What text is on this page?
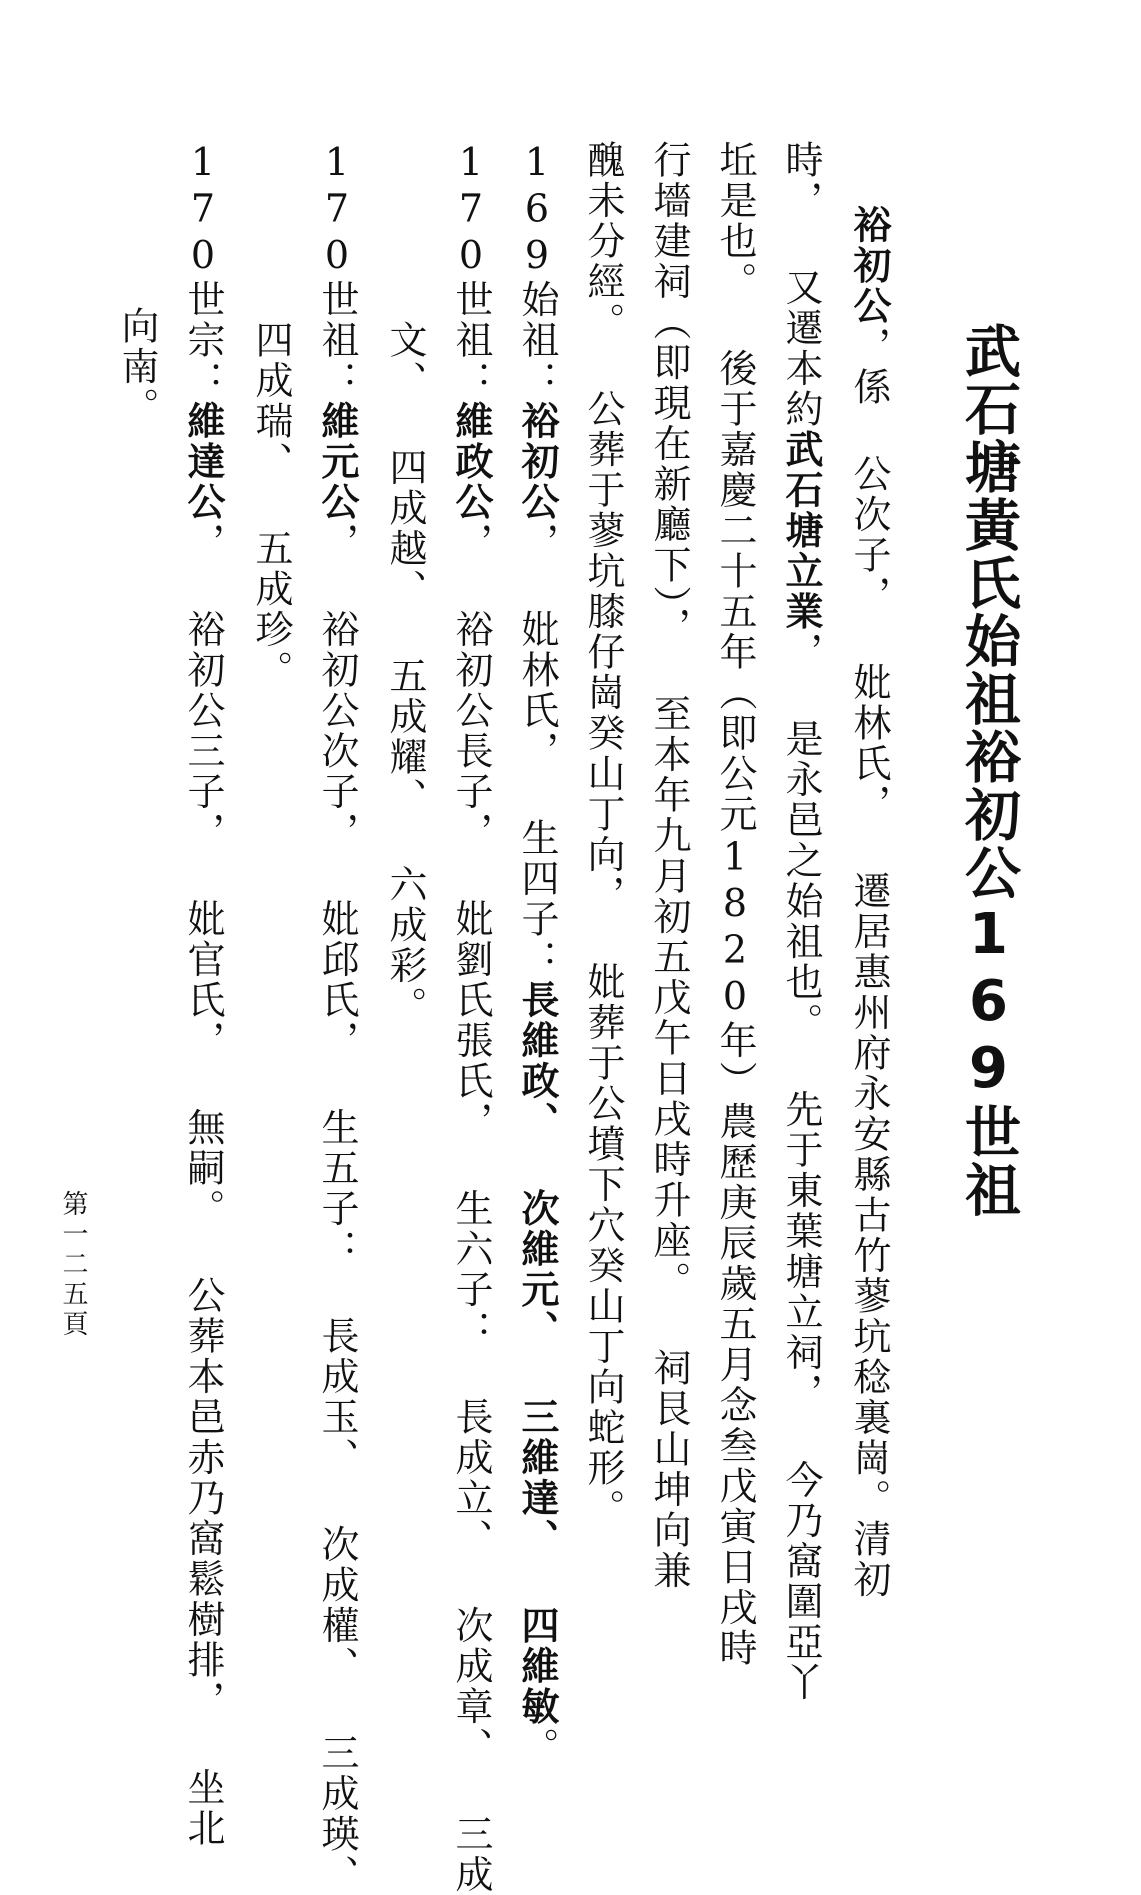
武石塘黃氏始祖裕初公169世祖
裕初公，係 公次子， 妣林氏， 遷居惠州府永安縣古竹蓼坑稔裏崗。清初
時， 又遷本約武石塘立業， 是永邑之始祖也。 先于東葉塘立祠， 今乃窩圍亞丫
坵是也。 後于嘉慶二十五年（即公元1820年）農歷庚辰歲五月念叁戊寅日戌時
行墻建祠（即現在新廳下）， 至本年九月初五戊午日戌時升座。 祠艮山坤向兼
醜未分經。 公葬于蓼坑膝仔崗癸山丁向， 妣葬于公墳下穴癸山丁向蛇形。
169始祖：裕初公， 妣林氏， 生四子：長維政、 次維元、 三維達、 四維敏。
170世祖：維政公， 裕初公長子， 妣劉氏張氏， 生六子： 長成立、 次成章、 三成
文、 四成越、 五成耀、 六成彩。
170世祖：維元公， 裕初公次子， 妣邱氏， 生五子： 長成玉、 次成權、 三成瑛、
四成瑞、 五成珍。
170世宗：維達公， 裕初公三子， 妣官氏， 無嗣。 公葬本邑赤乃窩鬆樹排， 坐北
向南。
第一二五頁
